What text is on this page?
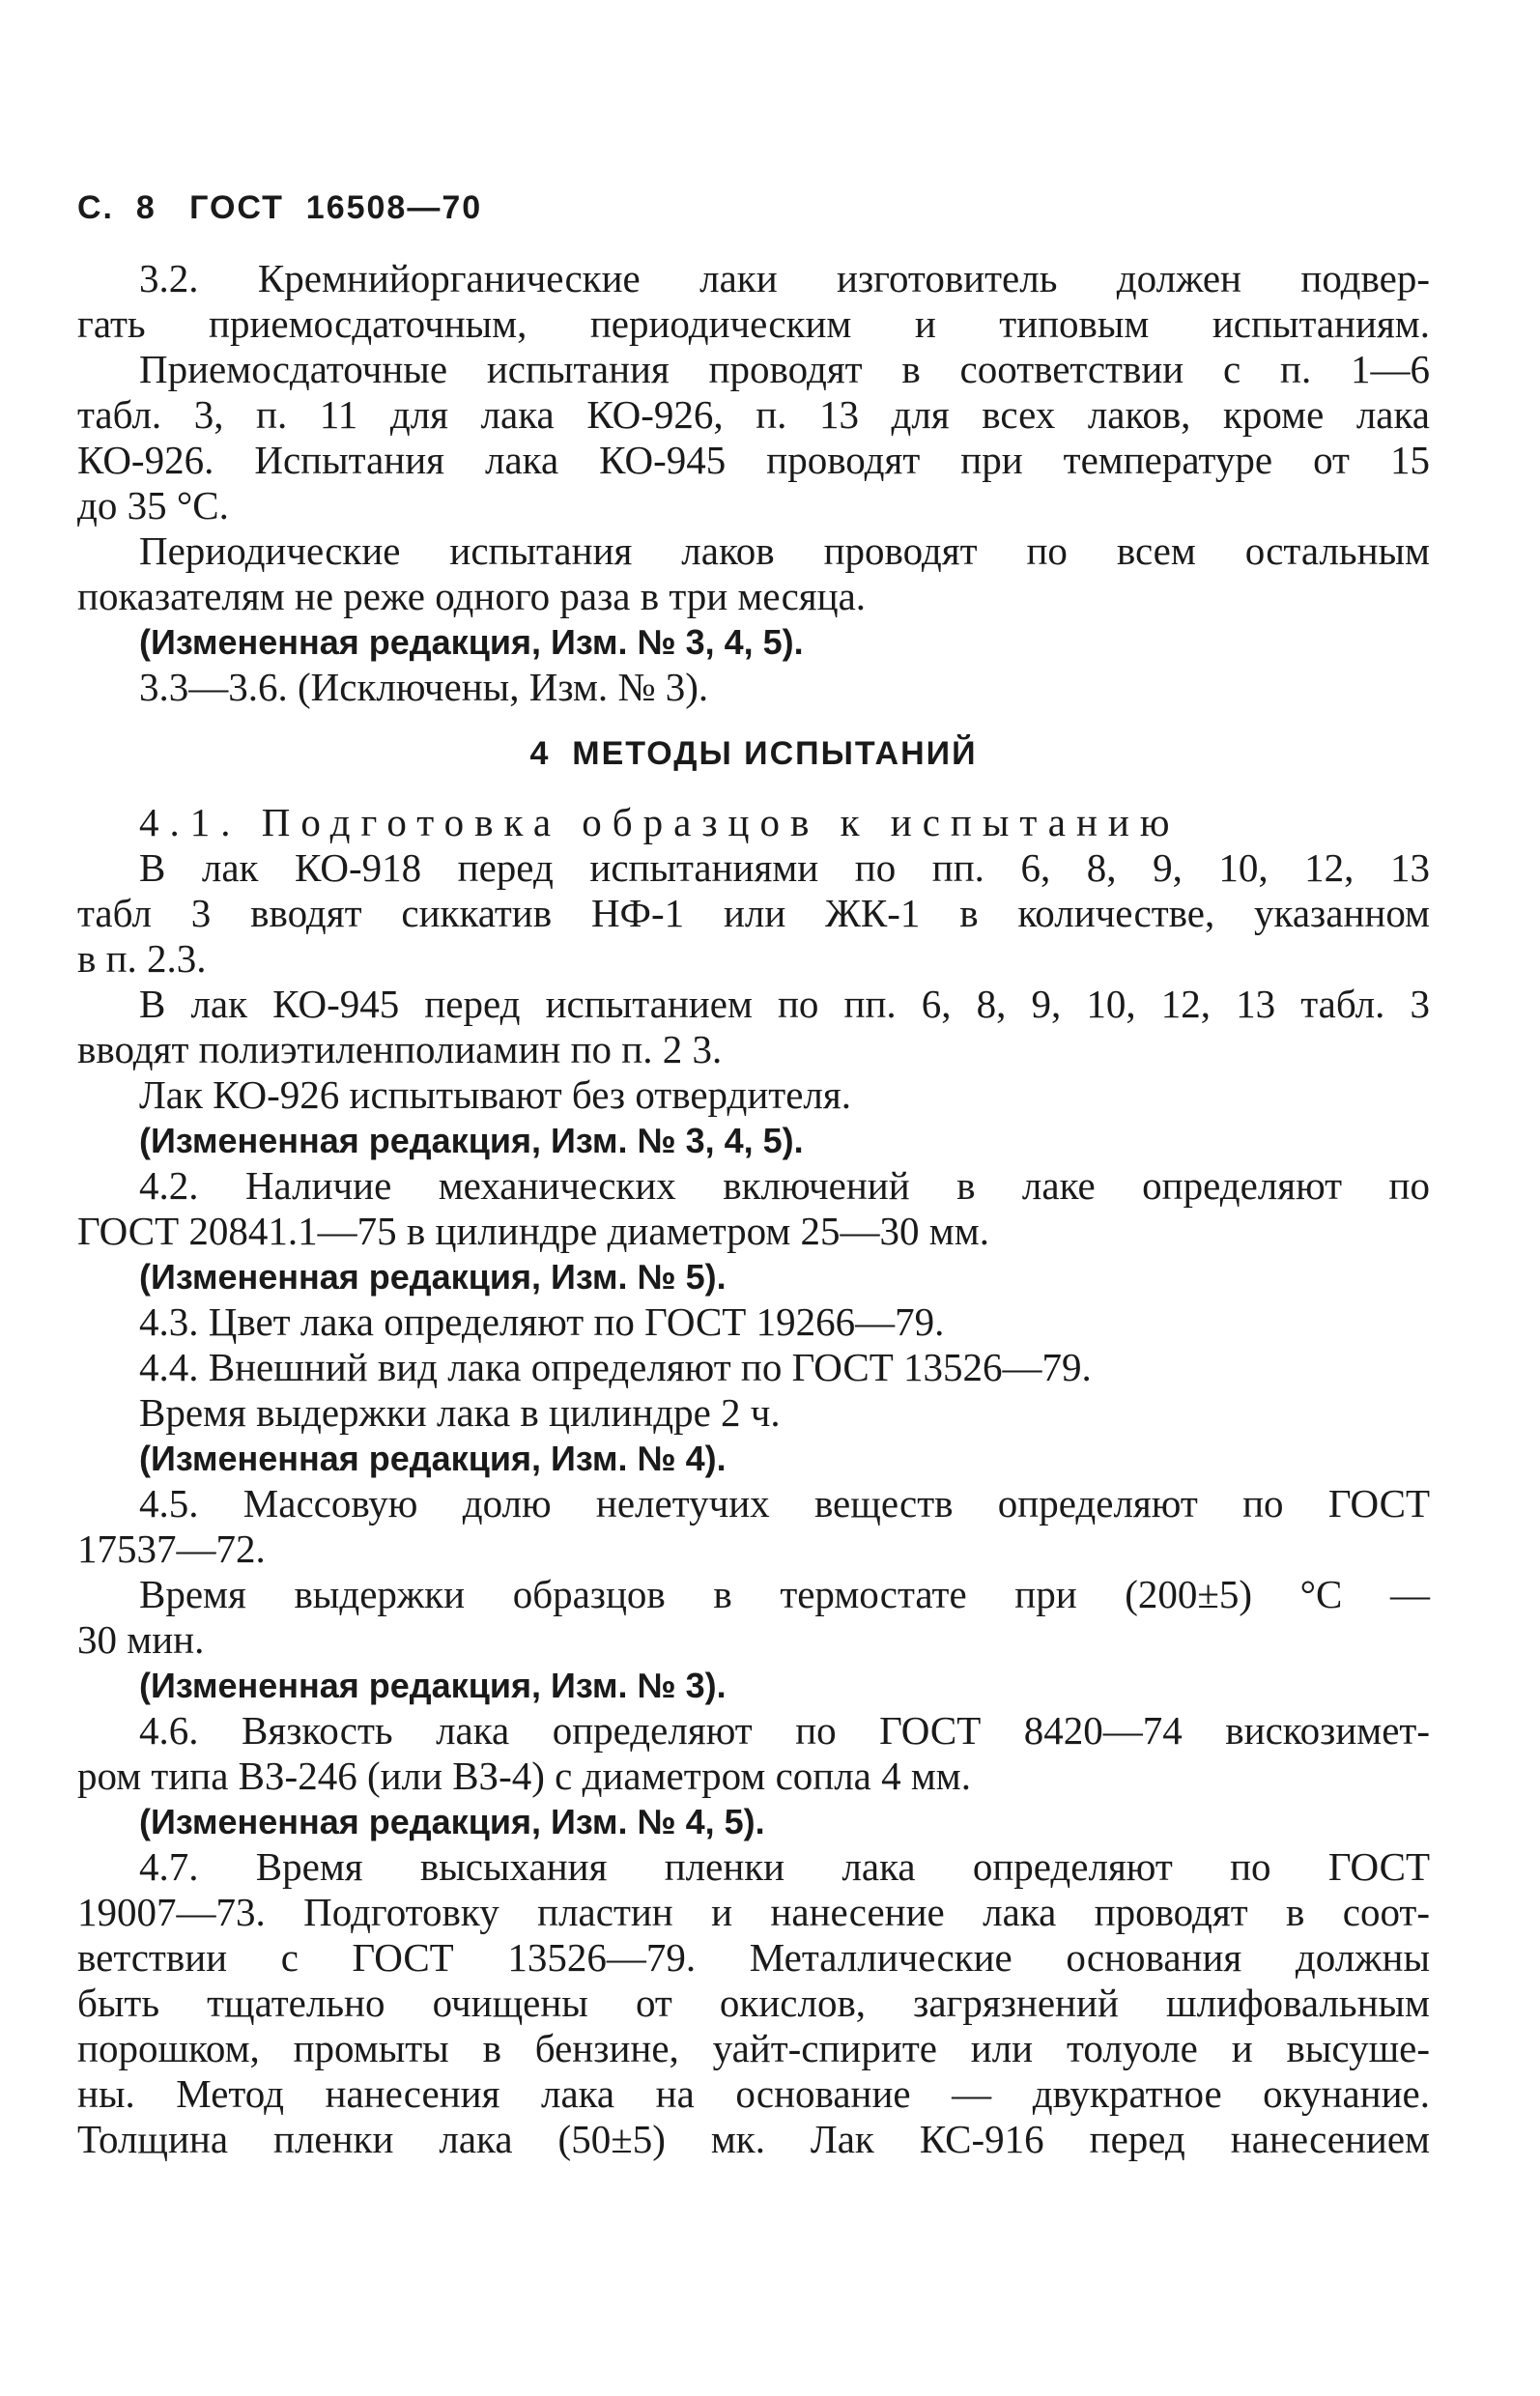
С.  8   ГОСТ  16508—70
3.2. Кремнийорганические лаки изготовитель должен подвер-
гать приемосдаточным, периодическим и типовым испытаниям.
Приемосдаточные испытания проводят в соответствии с п. 1—6
табл. 3, п. 11 для лака КО-926, п. 13 для всех лаков, кроме лака
КО-926. Испытания лака КО-945 проводят при температуре от 15
до 35 °С.
Периодические испытания лаков проводят по всем остальным
показателям не реже одного раза в три месяца.
(Измененная редакция, Изм. № 3, 4, 5).
3.3—3.6. (Исключены, Изм. № 3).
4  МЕТОДЫ ИСПЫТАНИЙ
4.1. Подготовка образцов к испытанию
В лак КО-918 перед испытаниями по пп. 6, 8, 9, 10, 12, 13
табл 3 вводят сиккатив НФ-1 или ЖК-1 в количестве, указанном
в п. 2.3.
В лак КО-945 перед испытанием по пп. 6, 8, 9, 10, 12, 13 табл. 3
вводят полиэтиленполиамин по п. 2 3.
Лак КО-926 испытывают без отвердителя.
(Измененная редакция, Изм. № 3, 4, 5).
4.2. Наличие механических включений в лаке определяют по
ГОСТ 20841.1—75 в цилиндре диаметром 25—30 мм.
(Измененная редакция, Изм. № 5).
4.3. Цвет лака определяют по ГОСТ 19266—79.
4.4. Внешний вид лака определяют по ГОСТ 13526—79.
Время выдержки лака в цилиндре 2 ч.
(Измененная редакция, Изм. № 4).
4.5. Массовую долю нелетучих веществ определяют по ГОСТ
17537—72.
Время выдержки образцов в термостате при (200±5) °С —
30 мин.
(Измененная редакция, Изм. № 3).
4.6. Вязкость лака определяют по ГОСТ 8420—74 вискозимет-
ром типа ВЗ-246 (или ВЗ-4) с диаметром сопла 4 мм.
(Измененная редакция, Изм. № 4, 5).
4.7. Время высыхания пленки лака определяют по ГОСТ
19007—73. Подготовку пластин и нанесение лака проводят в соот-
ветствии с ГОСТ 13526—79. Металлические основания должны
быть тщательно очищены от окислов, загрязнений шлифовальным
порошком, промыты в бензине, уайт-спирите или толуоле и высуше-
ны. Метод нанесения лака на основание — двукратное окунание.
Толщина пленки лака (50±5) мк. Лак КС-916 перед нанесением
